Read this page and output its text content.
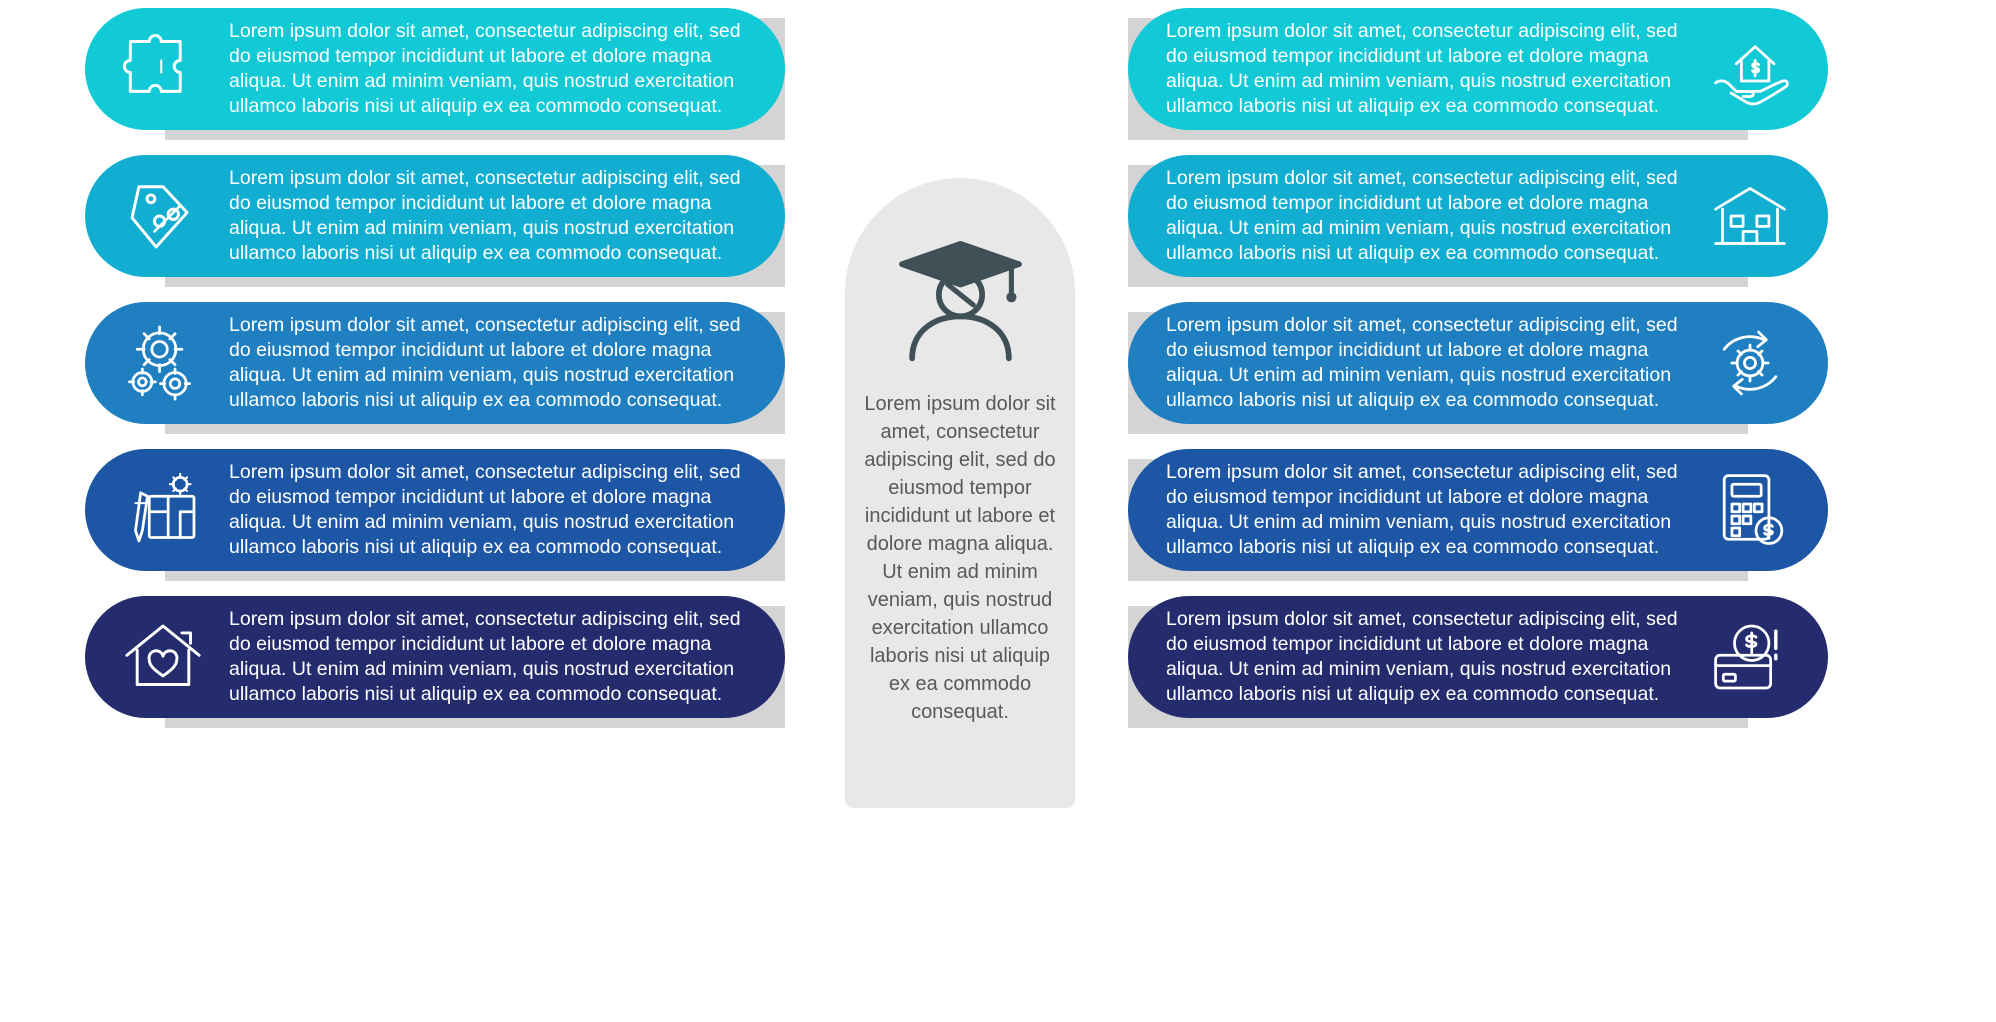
Lorem ipsum dolor sit amet, consectetur adipiscing elit, sed do eiusmod tempor incididunt ut labore et dolore magna aliqua. Ut enim ad minim veniam, quis nostrud exercitation ullamco laboris nisi ut aliquip ex ea commodo consequat.
Lorem ipsum dolor sit amet, consectetur adipiscing elit, sed do eiusmod tempor incididunt ut labore et dolore magna aliqua. Ut enim ad minim veniam, quis nostrud exercitation ullamco laboris nisi ut aliquip ex ea commodo consequat.
Lorem ipsum dolor sit amet, consectetur adipiscing elit, sed do eiusmod tempor incididunt ut labore et dolore magna aliqua. Ut enim ad minim veniam, quis nostrud exercitation ullamco laboris nisi ut aliquip ex ea commodo consequat.
Lorem ipsum dolor sit amet, consectetur adipiscing elit, sed do eiusmod tempor incididunt ut labore et dolore magna aliqua. Ut enim ad minim veniam, quis nostrud exercitation ullamco laboris nisi ut aliquip ex ea commodo consequat.
Lorem ipsum dolor sit amet, consectetur adipiscing elit, sed do eiusmod tempor incididunt ut labore et dolore magna aliqua. Ut enim ad minim veniam, quis nostrud exercitation ullamco laboris nisi ut aliquip ex ea commodo consequat.
Lorem ipsum dolor sit amet, consectetur adipiscing elit, sed do eiusmod tempor incididunt ut labore et dolore magna aliqua. Ut enim ad minim veniam, quis nostrud exercitation ullamco laboris nisi ut aliquip ex ea commodo consequat.
Lorem ipsum dolor sit amet, consectetur adipiscing elit, sed do eiusmod tempor incididunt ut labore et dolore magna aliqua. Ut enim ad minim veniam, quis nostrud exercitation ullamco laboris nisi ut aliquip ex ea commodo consequat.
Lorem ipsum dolor sit amet, consectetur adipiscing elit, sed do eiusmod tempor incididunt ut labore et dolore magna aliqua. Ut enim ad minim veniam, quis nostrud exercitation ullamco laboris nisi ut aliquip ex ea commodo consequat.
Lorem ipsum dolor sit amet, consectetur adipiscing elit, sed do eiusmod tempor incididunt ut labore et dolore magna aliqua. Ut enim ad minim veniam, quis nostrud exercitation ullamco laboris nisi ut aliquip ex ea commodo consequat.
Lorem ipsum dolor sit amet, consectetur adipiscing elit, sed do eiusmod tempor incididunt ut labore et dolore magna aliqua. Ut enim ad minim veniam, quis nostrud exercitation ullamco laboris nisi ut aliquip ex ea commodo consequat.
Lorem ipsum dolor sit amet, consectetur adipiscing elit, sed do eiusmod tempor incididunt ut labore et dolore magna aliqua. Ut enim ad minim veniam, quis nostrud exercitation ullamco laboris nisi ut aliquip ex ea commodo consequat.
